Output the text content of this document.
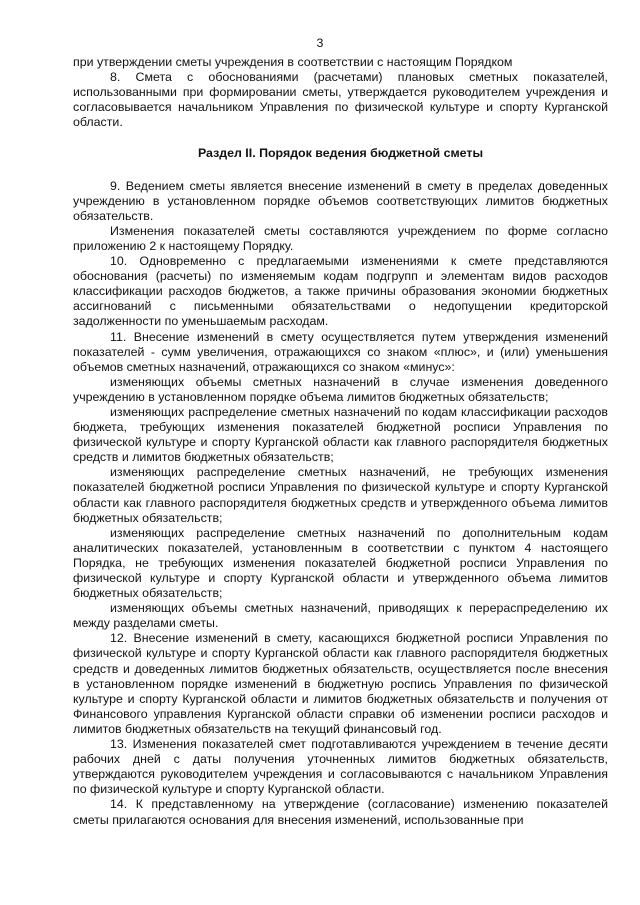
3

при утверждении сметы учреждения в соответствии с настоящим Порядком

8. Смета с обоснованиями (расчетами) плановых сметных показателей, использованными при формировании сметы, утверждается руководителем учреждения и согласовывается начальником Управления по физической культуре и спорту Курганской области.

Раздел II. Порядок ведения бюджетной сметы

9. Ведением сметы является внесение изменений в смету в пределах доведенных учреждению в установленном порядке объемов соответствующих лимитов бюджетных обязательств.

Изменения показателей сметы составляются учреждением по форме согласно приложению 2 к настоящему Порядку.

10. Одновременно с предлагаемыми изменениями к смете представляются обоснования (расчеты) по изменяемым кодам подгрупп и элементам видов расходов классификации расходов бюджетов, а также причины образования экономии бюджетных ассигнований с письменными обязательствами о недопущении кредиторской задолженности по уменьшаемым расходам.

11. Внесение изменений в смету осуществляется путем утверждения изменений показателей - сумм увеличения, отражающихся со знаком «плюс», и (или) уменьшения объемов сметных назначений, отражающихся со знаком «минус»:

изменяющих объемы сметных назначений в случае изменения доведенного учреждению в установленном порядке объема лимитов бюджетных обязательств;

изменяющих распределение сметных назначений по кодам классификации расходов бюджета, требующих изменения показателей бюджетной росписи Управления по физической культуре и спорту Курганской области как главного распорядителя бюджетных средств и лимитов бюджетных обязательств;

изменяющих распределение сметных назначений, не требующих изменения показателей бюджетной росписи Управления по физической культуре и спорту Курганской области как главного распорядителя бюджетных средств и утвержденного объема лимитов бюджетных обязательств;

изменяющих распределение сметных назначений по дополнительным кодам аналитических показателей, установленным в соответствии с пунктом 4 настоящего Порядка, не требующих изменения показателей бюджетной росписи Управления по физической культуре и спорту Курганской области и утвержденного объема лимитов бюджетных обязательств;

изменяющих объемы сметных назначений, приводящих к перераспределению их между разделами сметы.

12. Внесение изменений в смету, касающихся бюджетной росписи Управления по физической культуре и спорту Курганской области как главного распорядителя бюджетных средств и доведенных лимитов бюджетных обязательств, осуществляется после внесения в установленном порядке изменений в бюджетную роспись Управления по физической культуре и спорту Курганской области и лимитов бюджетных обязательств и получения от Финансового управления Курганской области справки об изменении росписи расходов и лимитов бюджетных обязательств на текущий финансовый год.

13. Изменения показателей смет подготавливаются учреждением в течение десяти рабочих дней с даты получения уточненных лимитов бюджетных обязательств, утверждаются руководителем учреждения и согласовываются с начальником Управления по физической культуре и спорту Курганской области.

14. К представленному на утверждение (согласование) изменению показателей сметы прилагаются основания для внесения изменений, использованные при
